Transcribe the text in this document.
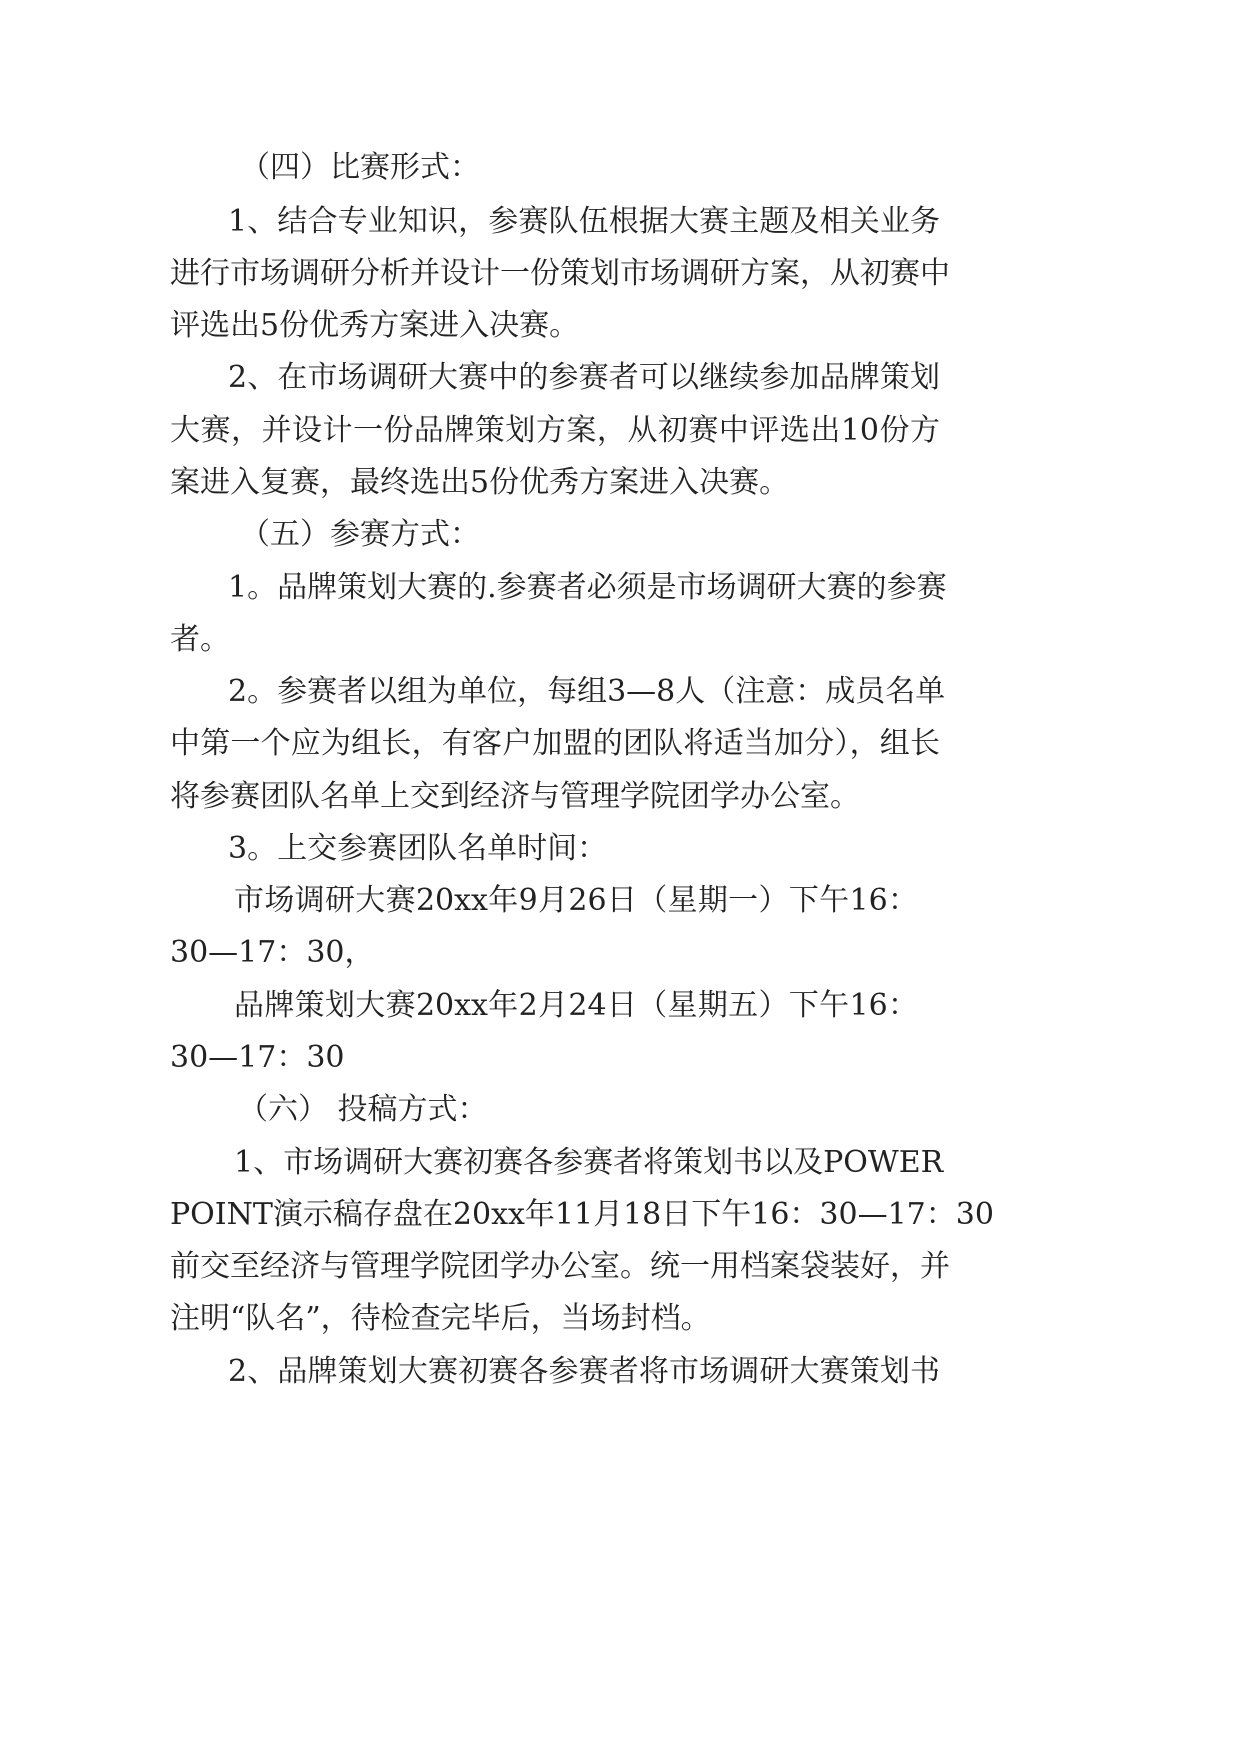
（四）比赛形式：
1、结合专业知识，参赛队伍根据大赛主题及相关业务
进行市场调研分析并设计一份策划市场调研方案，从初赛中
评选出5份优秀方案进入决赛。
2、在市场调研大赛中的参赛者可以继续参加品牌策划
大赛，并设计一份品牌策划方案，从初赛中评选出10份方
案进入复赛，最终选出5份优秀方案进入决赛。
（五）参赛方式：
1。品牌策划大赛的.参赛者必须是市场调研大赛的参赛
者。
2。参赛者以组为单位，每组3—8人（注意：成员名单
中第一个应为组长，有客户加盟的团队将适当加分），组长
将参赛团队名单上交到经济与管理学院团学办公室。
3。上交参赛团队名单时间：
市场调研大赛20xx年9月26日（星期一）下午16：
30—17：30，
品牌策划大赛20xx年2月24日（星期五）下午16：
30—17：30
（六） 投稿方式：
1、市场调研大赛初赛各参赛者将策划书以及POWER
POINT演示稿存盘在20xx年11月18日下午16：30—17：30
前交至经济与管理学院团学办公室。统一用档案袋装好，并
注明“队名”，待检查完毕后，当场封档。
2、品牌策划大赛初赛各参赛者将市场调研大赛策划书
